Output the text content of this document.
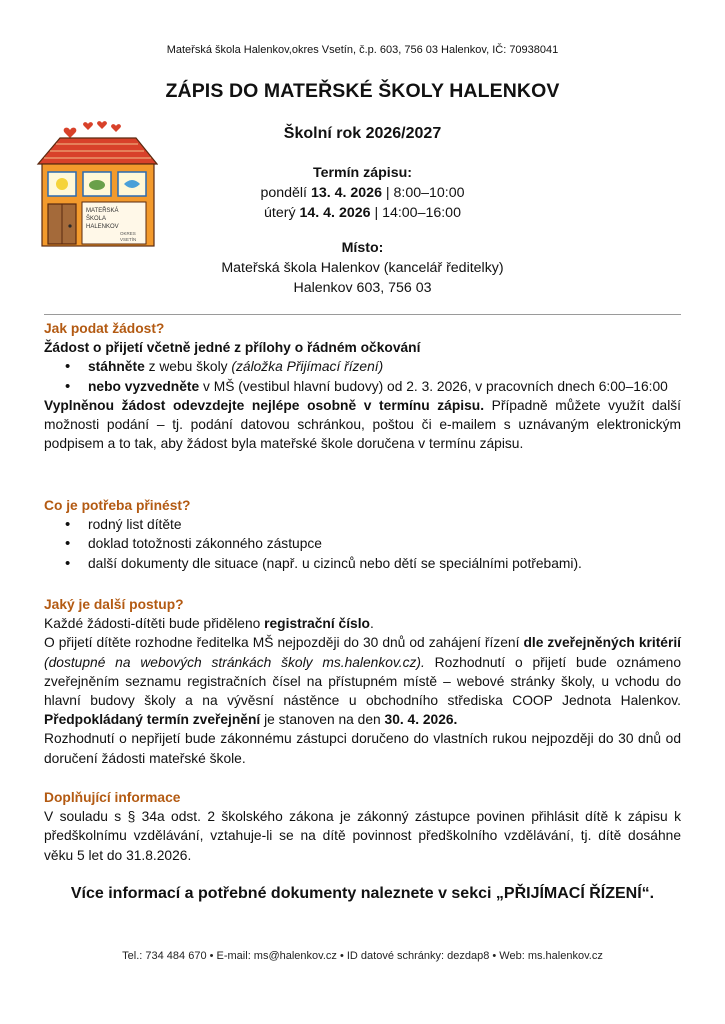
Mateřská škola Halenkov,okres Vsetín, č.p. 603, 756 03 Halenkov, IČ: 70938041
ZÁPIS DO MATEŘSKÉ ŠKOLY HALENKOV
MATEŘSKÁ
ŠKOLA
HALENKOV
OKRES
VSETÍN
Školní rok 2026/2027
Termín zápisu:
pondělí 13. 4. 2026 | 8:00–10:00
úterý 14. 4. 2026 | 14:00–16:00
Místo:
Mateřská škola Halenkov (kancelář ředitelky)
Halenkov 603, 756 03
Jak podat žádost?
Žádost o přijetí včetně jedné z přílohy o řádném očkování
• stáhněte z webu školy (záložka Přijímací řízení)
• nebo vyzvedněte v MŠ (vestibul hlavní budovy) od 2. 3. 2026, v pracovních dnech 6:00–16:00

Vyplněnou žádost odevzdejte nejlépe osobně v termínu zápisu. Případně můžete využít další možnosti podání – tj. podání datovou schránkou, poštou či e-mailem s uznávaným elektronickým podpisem a to tak, aby žádost byla mateřské škole doručena v termínu zápisu.

Co je potřeba přinést?
• rodný list dítěte
• doklad totožnosti zákonného zástupce
• další dokumenty dle situace (např. u cizinců nebo dětí se speciálními potřebami).
Jaký je další postup?

Každé žádosti-dítěti bude přiděleno registrační číslo.

O přijetí dítěte rozhodne ředitelka MŠ nejpozději do 30 dnů od zahájení řízení dle zveřejněných kritérií (dostupné na webových stránkách školy ms.halenkov.cz). Rozhodnutí o přijetí bude oznámeno zveřejněním seznamu registračních čísel na přístupném místě – webové stránky školy, u vchodu do hlavní budovy školy a na vývěsní nástěnce u obchodního střediska COOP Jednota Halenkov. Předpokládaný termín zveřejnění je stanoven na den 30. 4. 2026.

Rozhodnutí o nepřijetí bude zákonnému zástupci doručeno do vlastních rukou nejpozději do 30 dnů od doručení žádosti mateřské škole.

Doplňující informace

V souladu s § 34a odst. 2 školského zákona je zákonný zástupce povinen přihlásit dítě k zápisu k předškolnímu vzdělávání, vztahuje-li se na dítě povinnost předškolního vzdělávání, tj. dítě dosáhne věku 5 let do 31.8.2026.

Více informací a potřebné dokumenty naleznete v sekci „PŘIJÍMACÍ ŘÍZENÍ“.
Tel.: 734 484 670 • E-mail: ms@halenkov.cz • ID datové schránky: dezdap8 • Web: ms.halenkov.cz
